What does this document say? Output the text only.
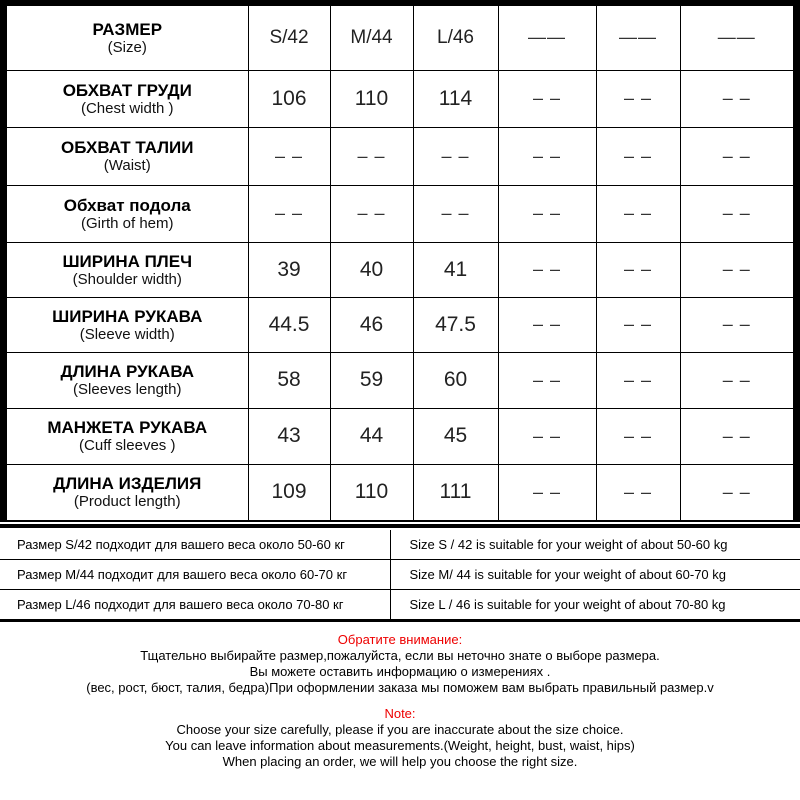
РАЗМЕР
(Size)	S/42	M/44	L/46	——	——	——

ОБХВАТ ГРУДИ
(Chest width )	106	110	114	– –	– –	– –

ОБХВАТ ТАЛИИ
(Waist)	– –	– –	– –	– –	– –	– –

Обхват подола
(Girth of hem)	– –	– –	– –	– –	– –	– –

ШИРИНА ПЛЕЧ
(Shoulder width)	39	40	41	– –	– –	– –

ШИРИНА РУКАВА
(Sleeve width)	44.5	46	47.5	– –	– –	– –

ДЛИНА РУКАВА
(Sleeves length)	58	59	60	– –	– –	– –

МАНЖЕТА РУКАВА
(Cuff sleeves )	43	44	45	– –	– –	– –

ДЛИНА ИЗДЕЛИЯ
(Product length)	109	110	111	– –	– –	– –
Размер S/42 подходит для вашего веса около 50-60 кг	Size S / 42 is suitable for your weight of about 50-60 kg
Размер M/44 подходит для вашего веса около 60-70 кг	Size M/ 44 is suitable for your weight of about 60-70 kg
Размер L/46 подходит для вашего веса около 70-80 кг	Size L / 46 is suitable for your weight of about 70-80 kg
Обратите внимание:
Тщательно выбирайте размер,пожалуйста, если вы неточно знате о выборе размера.
Вы можете оставить информацию о измерениях .
(вес, рост, бюст, талия, бедра)При оформлении заказа мы поможем вам выбрать правильный размер.v
Note:
Choose your size carefully, please if you are inaccurate about the size choice.
You can leave information about measurements.(Weight, height, bust, waist, hips)
When placing an order, we will help you choose the right size.
